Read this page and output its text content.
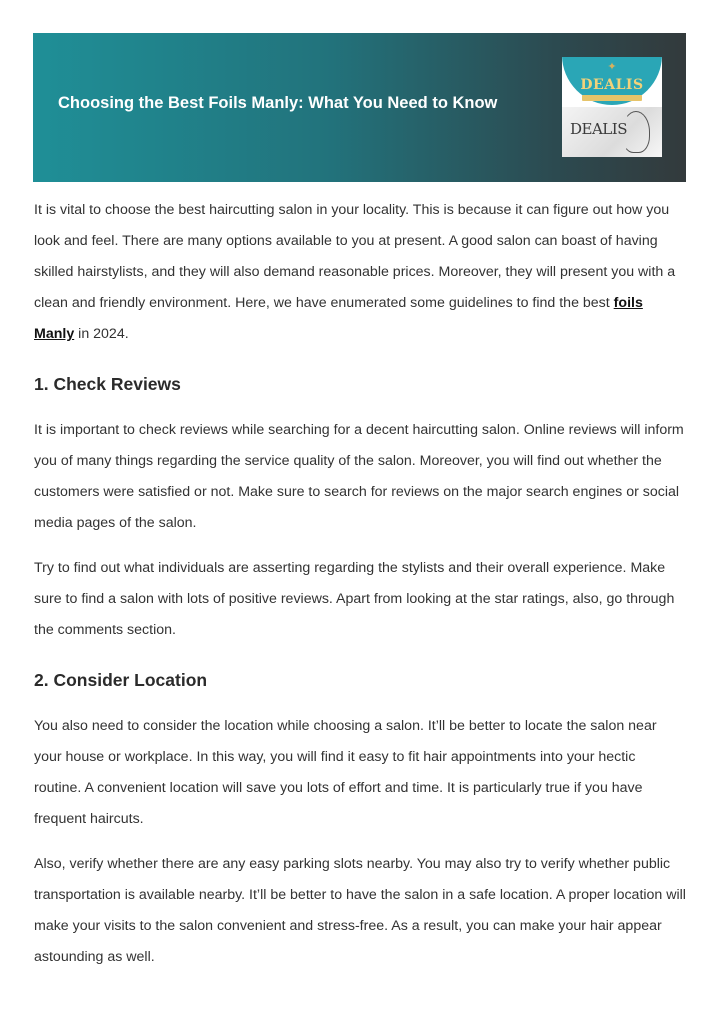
Choosing the Best Foils Manly: What You Need to Know
✦
DEALIS
DEALIS

It is vital to choose the best haircutting salon in your locality. This is because it can figure out how you look and feel. There are many options available to you at present. A good salon can boast of having skilled hairstylists, and they will also demand reasonable prices. Moreover, they will present you with a clean and friendly environment. Here, we have enumerated some guidelines to find the best foils Manly in 2024.

1. Check Reviews

It is important to check reviews while searching for a decent haircutting salon. Online reviews will inform you of many things regarding the service quality of the salon. Moreover, you will find out whether the customers were satisfied or not. Make sure to search for reviews on the major search engines or social media pages of the salon.

Try to find out what individuals are asserting regarding the stylists and their overall experience. Make sure to find a salon with lots of positive reviews. Apart from looking at the star ratings, also, go through the comments section.

2. Consider Location

You also need to consider the location while choosing a salon. It’ll be better to locate the salon near your house or workplace. In this way, you will find it easy to fit hair appointments into your hectic routine. A convenient location will save you lots of effort and time. It is particularly true if you have frequent haircuts.

Also, verify whether there are any easy parking slots nearby. You may also try to verify whether public transportation is available nearby. It’ll be better to have the salon in a safe location. A proper location will make your visits to the salon convenient and stress-free. As a result, you can make your hair appear astounding as well.
